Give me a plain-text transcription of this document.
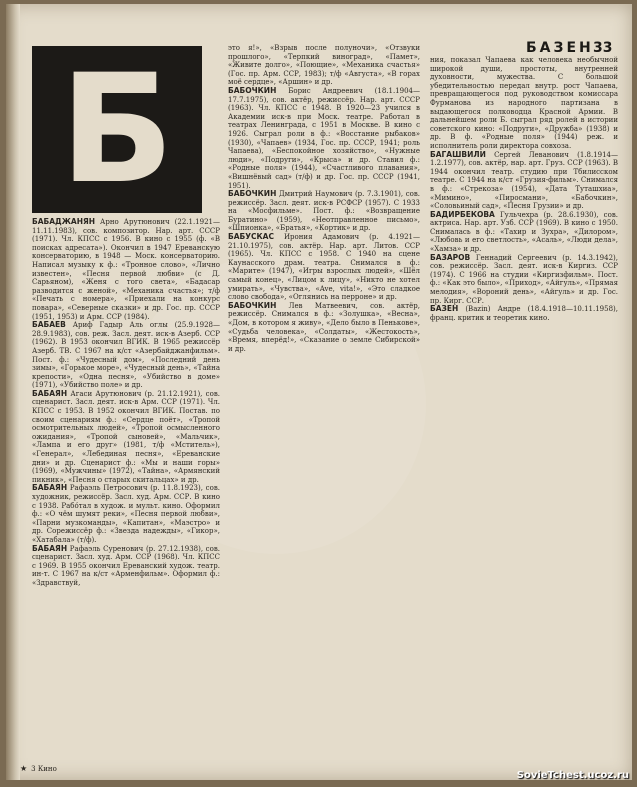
БАЗЕН 33
Б
БАБАДЖАНЯН Арно Арутюнович (22.1.1921—11.11.1983), сов. композитор. Нар. арт. СССР (1971). Чл. КПСС с 1956. В кино с 1955 (ф. «В поисках адресата»). Окончил в 1947 Ереванскую консерваторию, в 1948 — Моск. консерваторию. Написал музыку к ф.: «Тронное слово», «Лично известен», «Песня первой любви» (с Д. Сарьяном), «Женя с того света», «Бадасар разводится с женой», «Механика счастья»; т/ф «Печать с номера», «Приехали на конкурс повара», «Северные сказки» и др. Гос. пр. СССР (1951, 1953) и Арм. ССР (1984).
БАБАЕВ Ариф Гадыр Аль оглы (25.9.1928—28.9.1983), сов. реж. Засл. деят. иск-в Азерб. ССР (1962). В 1953 окончил ВГИК. В 1965 режиссёр Азерб. ТВ. С 1967 на к/ст «Азербайджанфильм». Пост. ф.: «Чудесный дом», «Последний день зимы», «Горькое море», «Чудесный день», «Тайна крепости», «Одна песня», «Убийство в доме» (1971), «Убийство поле» и др.
БАБАЯН Агаси Арутюнович (р. 21.12.1921), сов. сценарист. Засл. деят. иск-в Арм. ССР (1971). Чл. КПСС с 1953. В 1952 окончил ВГИК. Постав. по своим сценариям ф.: «Сердце поёт», «Тропой осмотрительных людей», «Тропой осмысленного ожидания», «Тропой сыновей», «Мальчик», «Лампа и его друг» (1981, т/ф «Мститель»), «Генерал», «Лебединая песня», «Ереванские дни» и др. Сценарист ф.: «Мы и наши горы» (1969), «Мужчины» (1972), «Тайна», «Армянский пикник», «Песня о старых скитальцах» и др.
БАБАЯН Рафаэль Петросович (р. 11.8.1923), сов. художник, режиссёр. Засл. худ. Арм. ССР. В кино с 1938. Рабо́тал в худож. и мульт. кино. Оформил ф.: «О чём шумят реки», «Песня первой любви», «Парни музкоманды», «Капитан», «Маэстро» и др. Сорежиссёр ф.: «Звезда надежды», «Гикор», «Хатабала» (т/ф).
БАБАЯН Рафаэль Суренович (р. 27.12.1938), сов. сценарист. Засл. худ. Арм. ССР (1968). Чл. КПСС с 1969. В 1955 окончил Ереванский худож. театр. ин-т. С 1967 на к/ст «Арменфильм». Оформил ф.: «Здравствуй,
это я!», «Взрыв после полуночи», «Отзвуки прошлого», «Терпкий виноград», «Памет», «Живите долго», «Поющие», «Механика счастья» (Гос. пр. Арм. ССР, 1983); т/ф «Августа», «В горах моё сердце», «Аршин» и др.
БАБОЧКИН Борис Андреевич (18.1.1904—17.7.1975), сов. актёр, режиссёр. Нар. арт. СССР (1963). Чл. КПСС с 1948. В 1920—23 учился в Академии иск-в при Моск. театре. Работал в театрах Ленинграда, с 1951 в Москве. В кино с 1926. Сыграл роли в ф.: «Восстание рыбаков» (1930), «Чапаев» (1934, Гос. пр. СССР, 1941; роль Чапаева), «Беспокойное хозяйство», «Нужные люди», «Подруги», «Крыса» и др. Ставил ф.: «Родные поля» (1944), «Счастливого плавания», «Вишнёвый сад» (т/ф) и др. Гос. пр. СССР (1941, 1951).
БАБОЧКИН Дмитрий Наумович (р. 7.3.1901), сов. режиссёр. Засл. деят. иск-в РСФСР (1957). С 1933 на «Мосфильме». Пост. ф.: «Возвращение Буратино» (1959), «Неотправленное письмо», «Шпионка», «Братья», «Кортик» и др.
БАБУСКАС Ирония Адамович (р. 4.1921—21.10.1975), сов. актёр. Нар. арт. Литов. ССР (1965). Чл. КПСС с 1958. С 1940 на сцене Каунасского драм. театра. Снимался в ф.: «Марите» (1947), «Игры взрослых людей», «Шёл самый конец», «Лицом к лицу», «Никто не хотел умирать», «Чувства», «Ave, vita!», «Это сладкое слово свобода», «Оглянись на перроне» и др.
БАБОЧКИН Лев Матвеевич, сов. актёр, режиссёр. Снимался в ф.: «Золушка», «Весна», «Дом, в котором я живу», «Дело было в Пенькове», «Судьба человека», «Солдаты», «Жестокость», «Время, вперёд!», «Сказание о земле Сибирской» и др.
ния, показал Чапаева как человека необычной широкой души, простоты, внутренней духовности, мужества. С большой убедительностью передал внутр. рост Чапаева, превращающегося под руководством комиссара Фурманова из народного партизана в выдающегося полководца Красной Армии. В дальнейшем роли Б. сыграл ряд ролей в истории советского кино: «Подруги», «Дружба» (1938) и др. В ф. «Родные поля» (1944) реж. и исполнитель роли директора совхоза.
БАГАШВИЛИ Сергей Леванович (1.8.1914—1.2.1977), сов. актёр, нар. арт. Груз. ССР (1963). В 1944 окончил театр. студию при Тбилисском театре. С 1944 на к/ст «Грузия-фильм». Снимался в ф.: «Стрекоза» (1954), «Дата Туташхиа», «Мимино», «Пиросмани», «Бабочкин», «Соловьиный сад», «Песня Грузии» и др.
БАДИРБЕКОВА Гульчехра (р. 28.6.1930), сов. актриса. Нар. арт. Узб. ССР (1969). В кино с 1950. Снималась в ф.: «Тахир и Зухра», «Дилором», «Любовь и его светлость», «Асаль», «Люди дела», «Хамза» и др.
БАЗАРОВ Геннадий Сергеевич (р. 14.3.1942), сов. режиссёр. Засл. деят. иск-в Киргиз. ССР (1974). С 1966 на студии «Киргизфильм». Пост. ф.: «Как это было», «Приход», «Айгуль», «Прямая мелодия», «Вороний день», «Айгуль» и др. Гос. пр. Кирг. ССР.
БАЗЕН (Bazin) Андре (18.4.1918—10.11.1958), франц. критик и теоретик кино.
★ 3 Кино
SovieTchest.ucoz.ru
